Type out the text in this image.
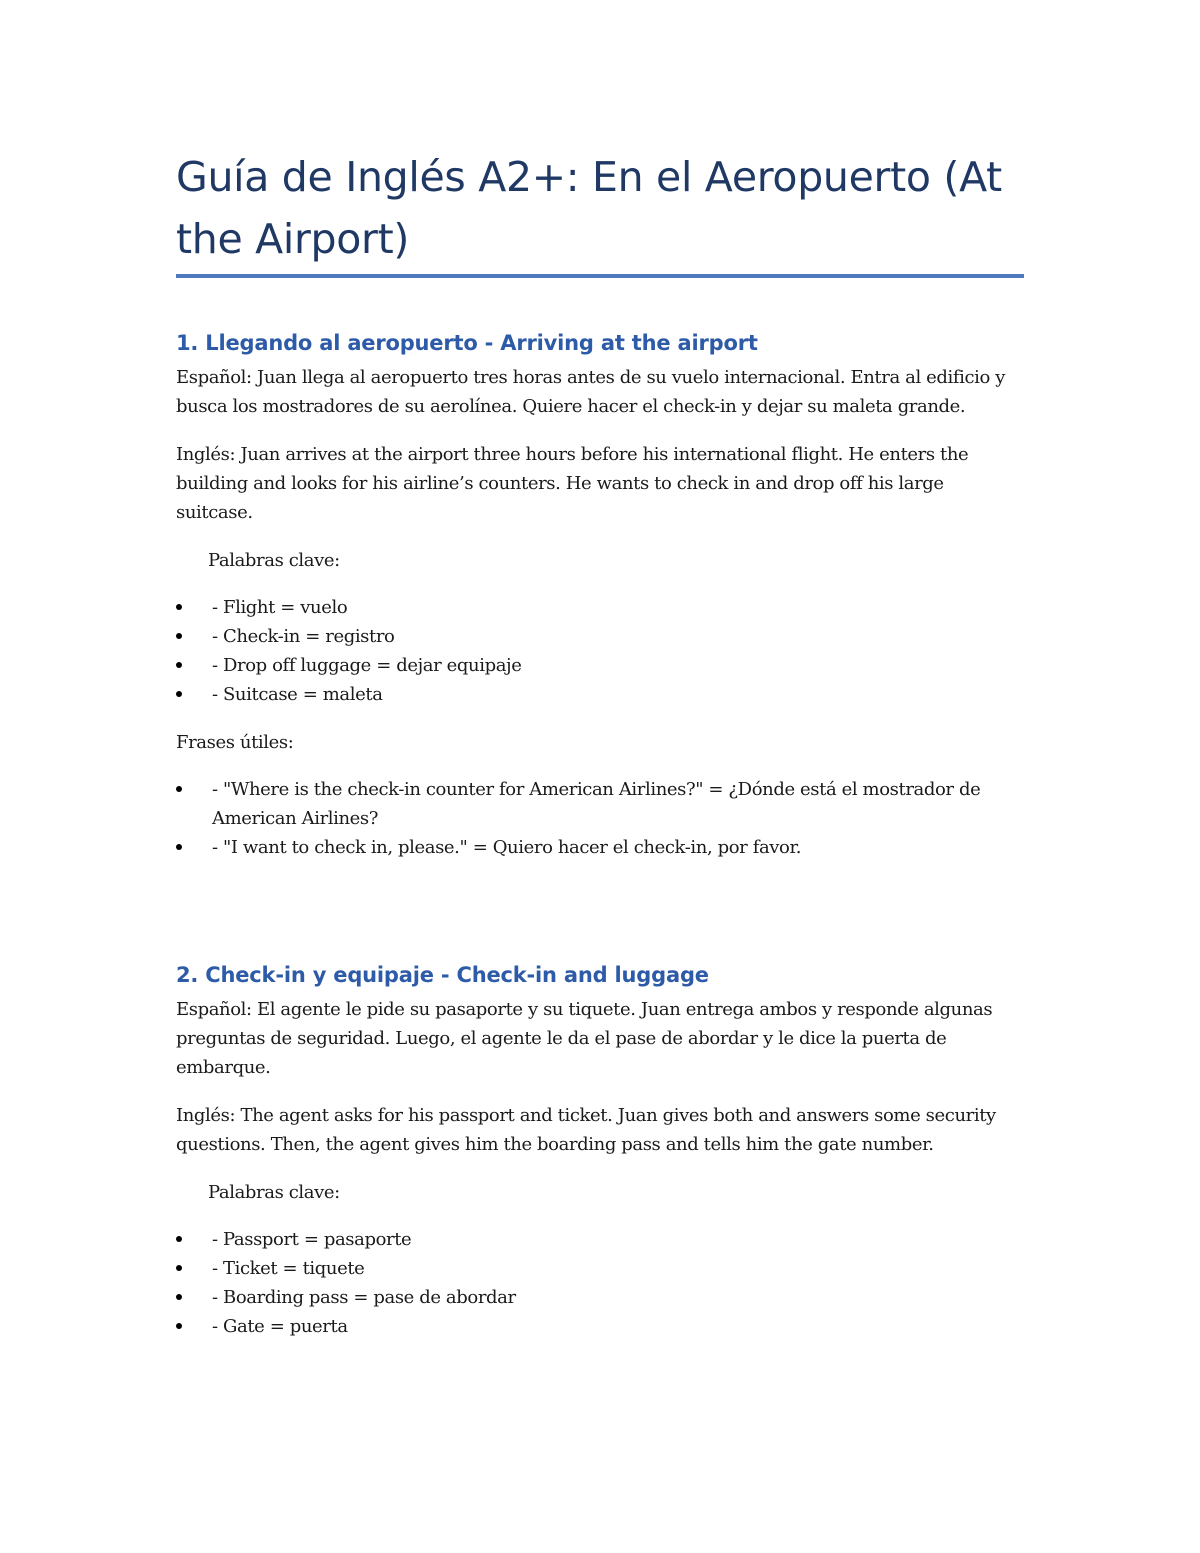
Guía de Inglés A2+: En el Aeropuerto (At the Airport)
1. Llegando al aeropuerto - Arriving at the airport

Español: Juan llega al aeropuerto tres horas antes de su vuelo internacional. Entra al edificio y busca los mostradores de su aerolínea. Quiere hacer el check-in y dejar su maleta grande.

Inglés: Juan arrives at the airport three hours before his international flight. He enters the building and looks for his airline’s counters. He wants to check in and drop off his large suitcase.

Palabras clave:

- Flight = vuelo
- Check-in = registro
- Drop off luggage = dejar equipaje
- Suitcase = maleta

Frases útiles:

- "Where is the check-in counter for American Airlines?" = ¿Dónde está el mostrador de American Airlines?
- "I want to check in, please." = Quiero hacer el check-in, por favor.
2. Check-in y equipaje - Check-in and luggage

Español: El agente le pide su pasaporte y su tiquete. Juan entrega ambos y responde algunas preguntas de seguridad. Luego, el agente le da el pase de abordar y le dice la puerta de embarque.

Inglés: The agent asks for his passport and ticket. Juan gives both and answers some security questions. Then, the agent gives him the boarding pass and tells him the gate number.

Palabras clave:

- Passport = pasaporte
- Ticket = tiquete
- Boarding pass = pase de abordar
- Gate = puerta
